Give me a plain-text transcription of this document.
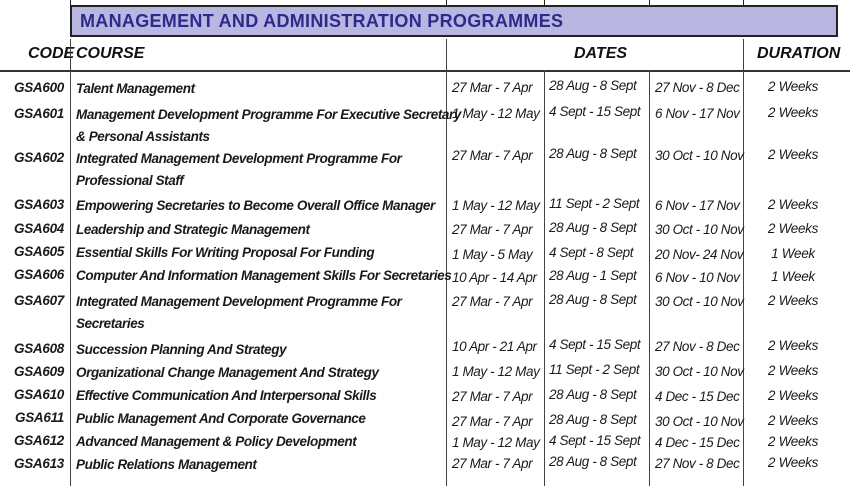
MANAGEMENT AND ADMINISTRATION PROGRAMMES
CODE COURSE	DATES	DURATION
GSA600 Talent Management	27 Mar - 7 Apr 28 Aug - 8 Sept 27 Nov - 8 Dec	2 Weeks
GSA601 Management Development Programme For Executive Secretary
& Personal Assistants
1 May - 12 May 4 Sept - 15 Sept 6 Nov - 17 Nov	2 Weeks
GSA602 Integrated Management Development Programme For
Professional Staff
27 Mar - 7 Apr 28 Aug - 8 Sept 30 Oct - 10 Nov	2 Weeks
GSA603 Empowering Secretaries to Become Overall Office Manager 1 May - 12 May 11 Sept - 2 Sept 6 Nov - 17 Nov	2 Weeks
GSA604 Leadership and Strategic Management	27 Mar - 7 Apr 28 Aug - 8 Sept 30 Oct - 10 Nov	2 Weeks
GSA605 Essential Skills For Writing Proposal For Funding	1 May - 5 May 4 Sept - 8 Sept 20 Nov- 24 Nov	1 Week
GSA606 Computer And Information Management Skills For Secretaries 10 Apr - 14 Apr 28 Aug - 1 Sept 6 Nov - 10 Nov	1 Week
GSA607 Integrated Management Development Programme For
Secretaries
27 Mar - 7 Apr 28 Aug - 8 Sept 30 Oct - 10 Nov	2 Weeks
GSA608 Succession Planning And Strategy	10 Apr - 21 Apr 4 Sept - 15 Sept 27 Nov - 8 Dec	2 Weeks
GSA609 Organizational Change Management And Strategy	1 May - 12 May 11 Sept - 2 Sept 30 Oct - 10 Nov	2 Weeks
GSA610 Effective Communication And Interpersonal Skills	27 Mar - 7 Apr 28 Aug - 8 Sept 4 Dec - 15 Dec	2 Weeks
GSA611 Public Management And Corporate Governance	27 Mar - 7 Apr 28 Aug - 8 Sept 30 Oct - 10 Nov	2 Weeks
GSA612 Advanced Management & Policy Development	1 May - 12 May 4 Sept - 15 Sept 4 Dec - 15 Dec	2 Weeks
GSA613 Public Relations Management	27 Mar - 7 Apr 28 Aug - 8 Sept 27 Nov - 8 Dec	2 Weeks
